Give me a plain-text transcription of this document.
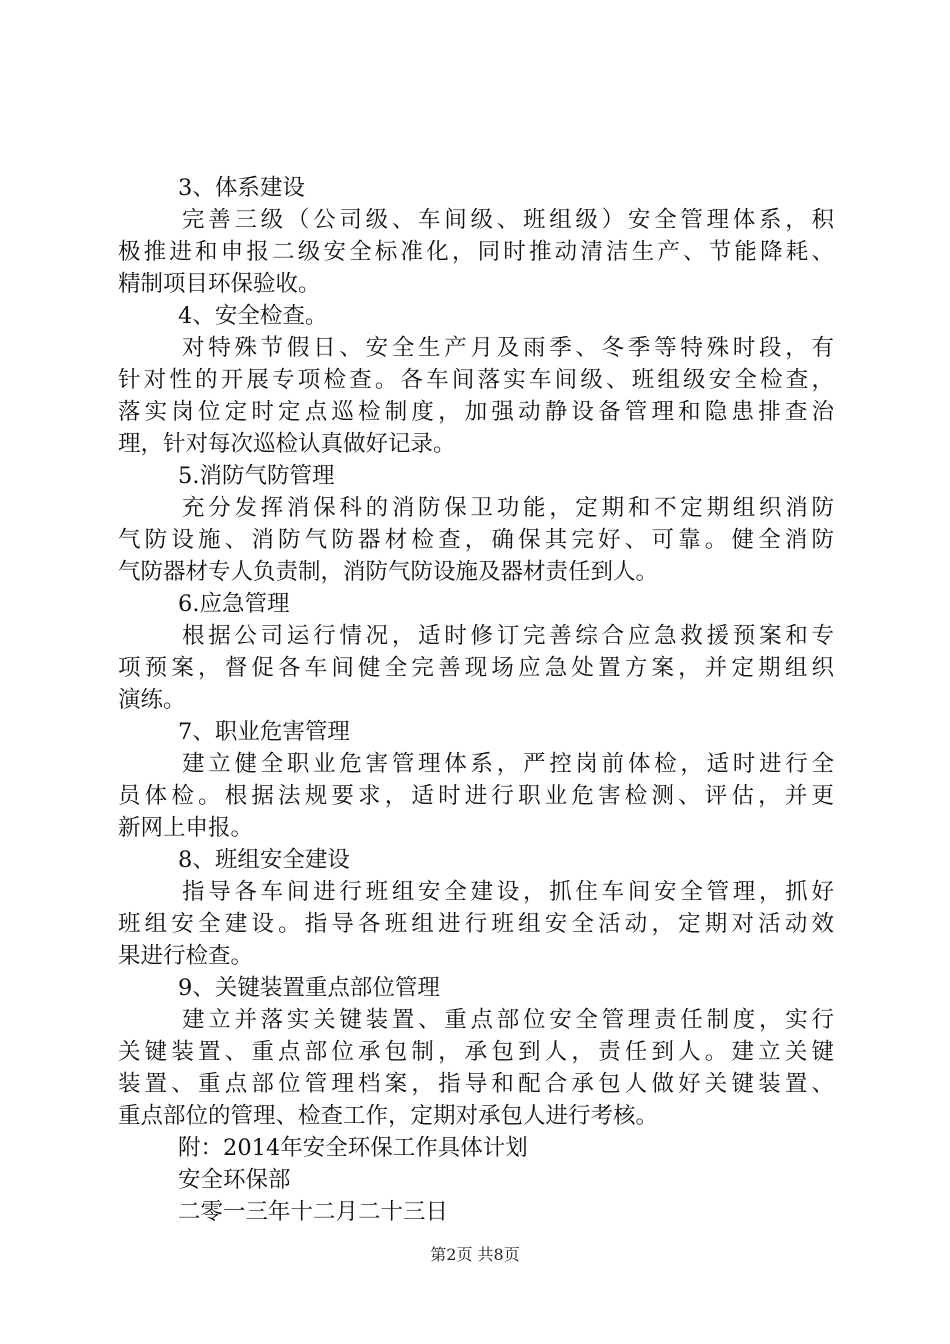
3、体系建设
完善三级（公司级、车间级、班组级）安全管理体系，积
极推进和申报二级安全标准化，同时推动清洁生产、节能降耗、
精制项目环保验收。
4、安全检查。
对特殊节假日、安全生产月及雨季、冬季等特殊时段，有
针对性的开展专项检查。各车间落实车间级、班组级安全检查，
落实岗位定时定点巡检制度，加强动静设备管理和隐患排查治
理，针对每次巡检认真做好记录。
5.消防气防管理
充分发挥消保科的消防保卫功能，定期和不定期组织消防
气防设施、消防气防器材检查，确保其完好、可靠。健全消防
气防器材专人负责制，消防气防设施及器材责任到人。
6.应急管理
根据公司运行情况，适时修订完善综合应急救援预案和专
项预案，督促各车间健全完善现场应急处置方案，并定期组织
演练。
7、职业危害管理
建立健全职业危害管理体系，严控岗前体检，适时进行全
员体检。根据法规要求，适时进行职业危害检测、评估，并更
新网上申报。
8、班组安全建设
指导各车间进行班组安全建设，抓住车间安全管理，抓好
班组安全建设。指导各班组进行班组安全活动，定期对活动效
果进行检查。
9、关键装置重点部位管理
建立并落实关键装置、重点部位安全管理责任制度，实行
关键装置、重点部位承包制，承包到人，责任到人。建立关键
装置、重点部位管理档案，指导和配合承包人做好关键装置、
重点部位的管理、检查工作，定期对承包人进行考核。
附：2014年安全环保工作具体计划
安全环保部
二零一三年十二月二十三日
第2页 共8页
